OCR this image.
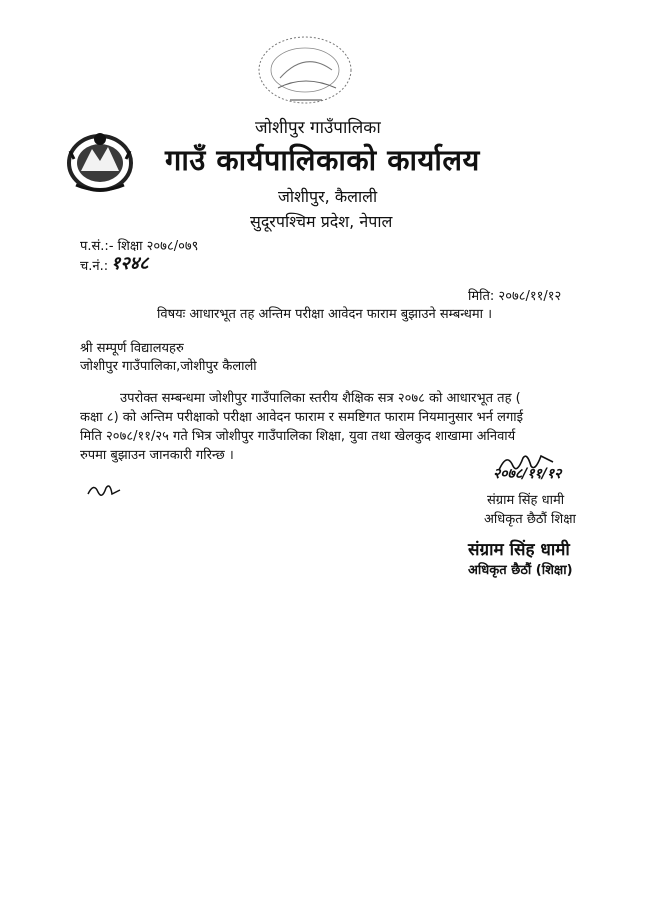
जोशीपुर गाउँपालिका
गाउँ कार्यपालिकाको कार्यालय
जोशीपुर, कैलाली
सुदूरपश्चिम प्रदेश, नेपाल
प.सं.:- शिक्षा २०७८/०७९
च.नं.: १२४८
मिति: २०७८/११/१२
विषयः आधारभूत तह अन्तिम परीक्षा आवेदन फाराम बुझाउने सम्बन्धमा ।
श्री सम्पूर्ण विद्यालयहरु
जोशीपुर गाउँपालिका,जोशीपुर कैलाली
उपरोक्त सम्बन्धमा जोशीपुर गाउँपालिका स्तरीय शैक्षिक सत्र २०७८ को आधारभूत तह (
कक्षा ८) को अन्तिम परीक्षाको परीक्षा आवेदन फाराम र समष्टिगत फाराम नियमानुसार भर्न लगाई
मिति २०७८/११/२५ गते भित्र जोशीपुर गाउँपालिका शिक्षा, युवा तथा खेलकुद शाखामा अनिवार्य
रुपमा बुझाउन जानकारी गरिन्छ ।
२०७८/११/१२
संग्राम सिंह धामी
अधिकृत छैठौं शिक्षा
संग्राम सिंह धामी
अधिकृत छैठौं (शिक्षा)
